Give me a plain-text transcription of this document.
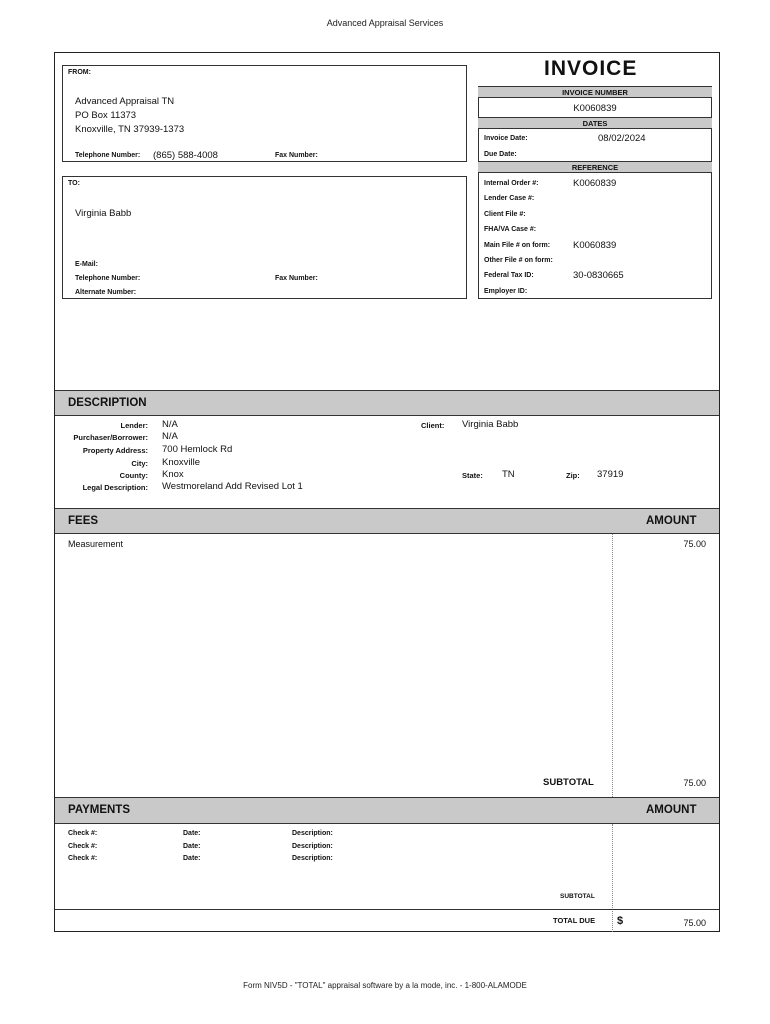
Advanced Appraisal Services
FROM:
Advanced Appraisal TN
PO Box 11373
Knoxville, TN 37939-1373
Telephone Number: (865) 588-4008	Fax Number:
TO:
Virginia Babb
E-Mail:
Telephone Number:	Fax Number:
Alternate Number:
INVOICE
INVOICE NUMBER
K0060839
DATES
Invoice Date:	08/02/2024
Due Date:
REFERENCE
Internal Order #:	K0060839
Lender Case #:
Client File #:
FHA/VA Case #:
Main File # on form: K0060839
Other File # on form:
Federal Tax ID:	30-0830665
Employer ID:
DESCRIPTION
Lender: N/A
Purchaser/Borrower: N/A
Property Address: 700 Hemlock Rd
City: Knoxville
County: Knox
Legal Description: Westmoreland Add Revised Lot 1
Client: Virginia Babb
State: TN	Zip: 37919
FEES	AMOUNT
Measurement	75.00
SUBTOTAL	75.00
PAYMENTS	AMOUNT
Check #:	Date:	Description:
Check #:	Date:	Description:
Check #:	Date:	Description:
SUBTOTAL
TOTAL DUE $	75.00
Form NIV5D - "TOTAL" appraisal software by a la mode, inc. - 1-800-ALAMODE
